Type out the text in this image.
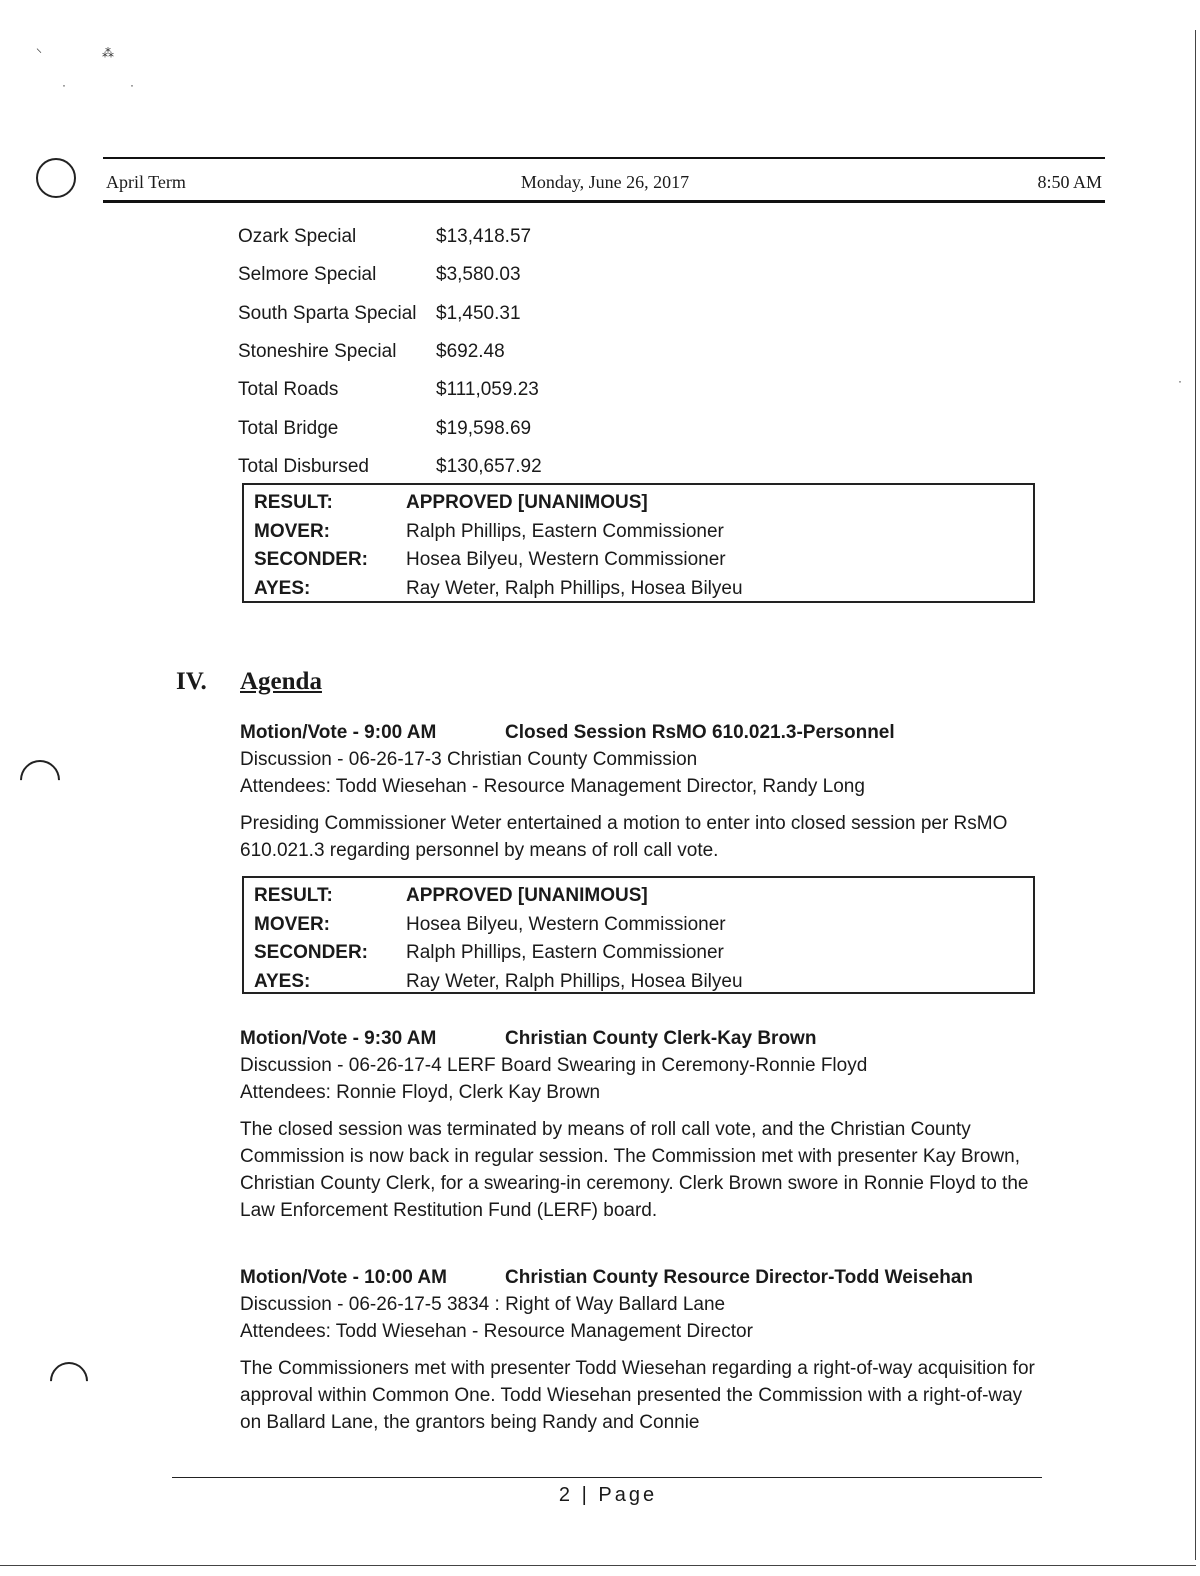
⸌	⁂
·	·
·
April Term	Monday, June 26, 2017	8:50 AM
Ozark Special	$13,418.57
Selmore Special	$3,580.03
South Sparta Special	$1,450.31
Stoneshire Special	$692.48
Total Roads	$111,059.23
Total Bridge	$19,598.69
Total Disbursed	$130,657.92
RESULT:	APPROVED [UNANIMOUS]
MOVER:	Ralph Phillips, Eastern Commissioner
SECONDER:	Hosea Bilyeu, Western Commissioner
AYES:	Ray Weter, Ralph Phillips, Hosea Bilyeu
IV. Agenda
Motion/Vote - 9:00 AM	Closed Session RsMO 610.021.3-Personnel
Discussion - 06-26-17-3 Christian County Commission
Attendees: Todd Wiesehan - Resource Management Director, Randy Long
Presiding Commissioner Weter entertained a motion to enter into closed session per RsMO 610.021.3 regarding personnel by means of roll call vote.
RESULT:	APPROVED [UNANIMOUS]
MOVER:	Hosea Bilyeu, Western Commissioner
SECONDER:	Ralph Phillips, Eastern Commissioner
AYES:	Ray Weter, Ralph Phillips, Hosea Bilyeu
Motion/Vote - 9:30 AM	Christian County Clerk-Kay Brown
Discussion - 06-26-17-4 LERF Board Swearing in Ceremony-Ronnie Floyd
Attendees: Ronnie Floyd, Clerk Kay Brown
The closed session was terminated by means of roll call vote, and the Christian County Commission is now back in regular session. The Commission met with presenter Kay Brown, Christian County Clerk, for a swearing-in ceremony. Clerk Brown swore in Ronnie Floyd to the Law Enforcement Restitution Fund (LERF) board.
Motion/Vote - 10:00 AM	Christian County Resource Director-Todd Weisehan
Discussion - 06-26-17-5 3834 : Right of Way Ballard Lane
Attendees: Todd Wiesehan - Resource Management Director
The Commissioners met with presenter Todd Wiesehan regarding a right-of-way acquisition for approval within Common One. Todd Wiesehan presented the Commission with a right-of-way on Ballard Lane, the grantors being Randy and Connie
2 | Page
